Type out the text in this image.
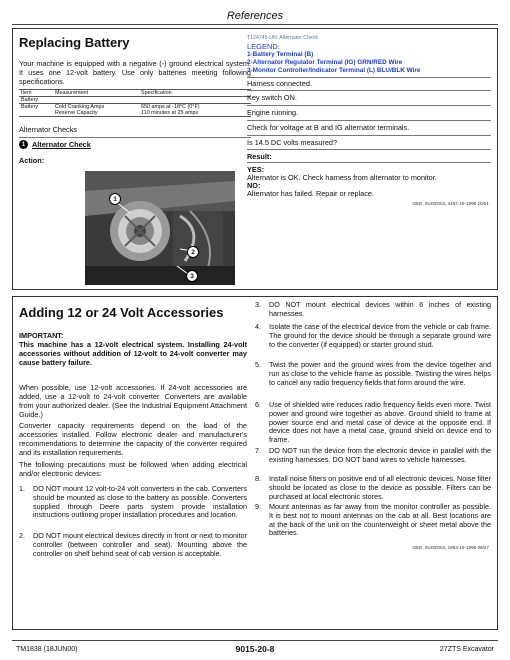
References
Replacing Battery
Your machine is equipped with a negative (-) ground electrical system. It uses one 12-volt battery. Use only batteries meeting following specifications.
Item	Measurement	Specification
Battery		
Battery	Cold Cranking Amps	650 amps at -18°C (0°F)
	Reserve Capacity	110 minutes at 25 amps
Alternator Checks
1 Alternator Check
Action:
1
2
3
T124745-UN: Alternator Check
LEGEND:
1-Battery Terminal (B)
2-Alternator Regulator Terminal (IG) GRN/RED Wire
3-Monitor Controller/Indicator Terminal (L) BLU/BLK Wire
Harness connected.
Key switch ON.
Engine running.
Check for voltage at B and IG alternator terminals.
Is 14.5 DC volts measured?
Result:
YES:
Alternator is OK. Check harness from alternator to monitor.
NO:
Alternator has failed. Repair or replace.
OED, 0UOE003, 3487-19-1999 10/01
Adding 12 or 24 Volt Accessories
IMPORTANT:
This machine has a 12-volt electrical system. Installing 24-volt accessories without addition of 12-volt to 24-volt converter may cause battery failure.
When possible, use 12-volt accessories. If 24-volt accessories are added, use a 12-volt to 24-volt converter. Converters are available from your authorized dealer. (See the Industrial Equipment Attachment Guide.)
Converter capacity requirements depend on the load of the accessories installed. Follow electronic dealer and manufacturer's recommendations to determine the capacity of the converter required and its installation requirements.
The following precautions must be followed when adding electrical and/or electronic devices:
1.	DO NOT mount 12 volt-to-24 volt converters in the cab. Converters should be mounted as close to the battery as possible. Converters supplied through Deere parts system provide installation instructions outlining proper installation procedures and location.
2.	DO NOT mount electrical devices directly in front or next to monitor controller (between controller and seat). Mounting above the controller on shelf behind seat of cab version is acceptable.
3.	DO NOT mount electrical devices within 6 inches of existing harnesses.
4.	Isolate the case of the electrical device from the vehicle or cab frame. The ground for the device should be through a separate ground wire to the converter (if equipped) or starter ground stud.
5.	Twist the power and the ground wires from the device together and run as close to the vehicle frame as possible. Twisting the wires helps to cancel any radio frequency fields that form around the wire.
6.	Use of shielded wire reduces radio frequency fields even more. Twist power and ground wire together as above. Ground shield to frame at power source end and metal case of device at the opposite end. If device does not have a metal case, ground shield on device end to frame.
7.	DO NOT run the device from the electronic device in parallel with the existing harnesses. DO NOT band wires to vehicle harnesses.
8.	Install noise filters on positive end of all electronic devices. Noise filter should be located as close to the device as possible. Filters can be purchased at local electronic stores.
9.	Mount antennas as far away from the monitor controller as possible. It is best not to mount antennas on the cab at all. Best locations are at the back of the unit on the counterweight or sheet metal above the batteries.
OED, 0UOE003, 1983-19-1999 09/27
TM1838 (18JUN00)	9015-20-8	27ZTS Excavator
